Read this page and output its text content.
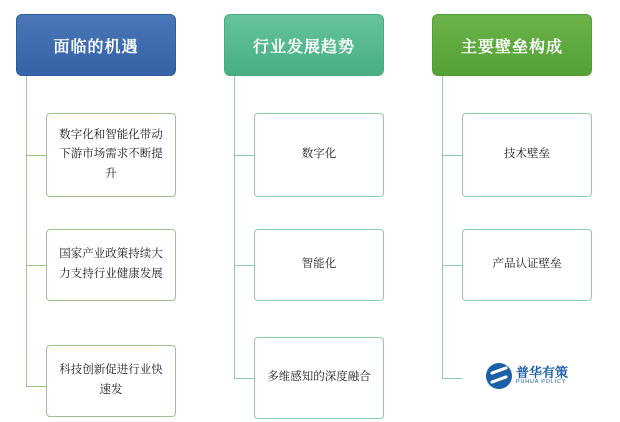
面临的机遇
数字化和智能化带动下游市场需求不断提升
国家产业政策持续大力支持行业健康发展
科技创新促进行业快速发
行业发展趋势
数字化
智能化
多维感知的深度融合
主要壁垒构成
技术壁垒
产品认证壁垒
普华有策
PUHUA POLICY
